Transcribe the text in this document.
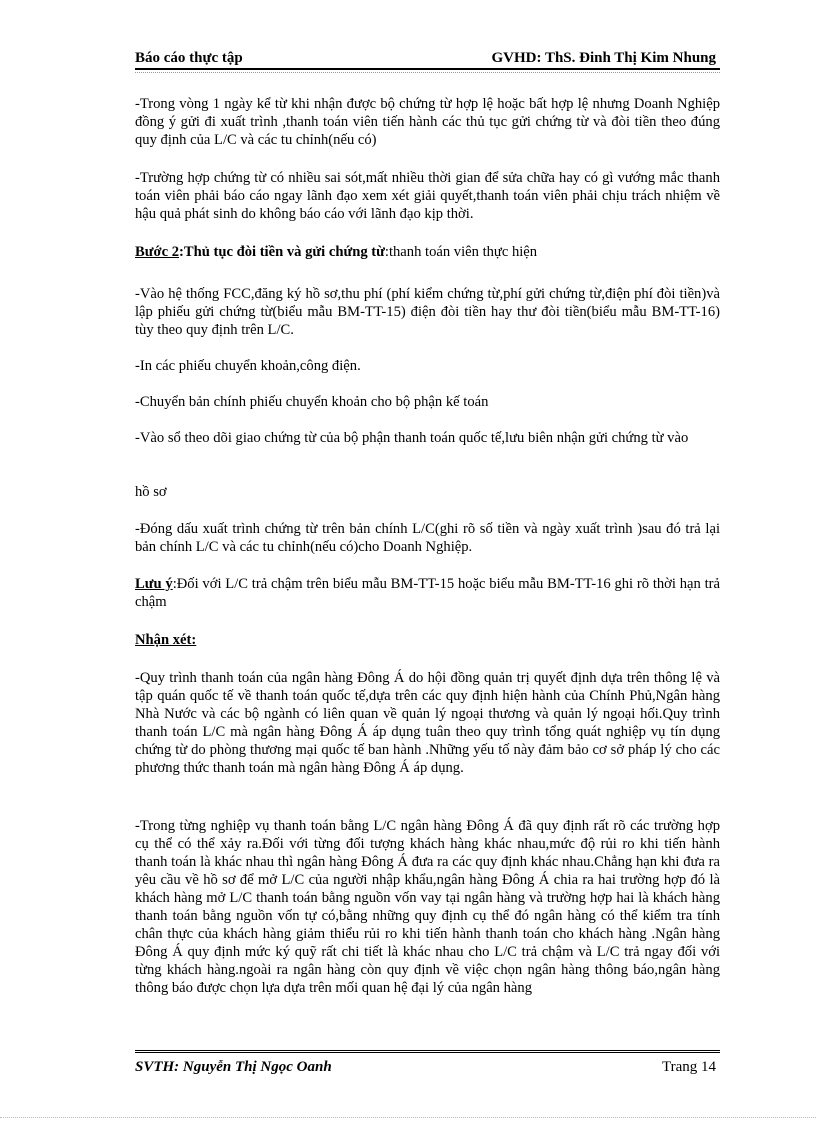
Báo cáo thực tập	GVHD: ThS. Đinh Thị Kim Nhung
-Trong vòng 1 ngày kể từ khi nhận được bộ chứng từ hợp lệ hoặc bất hợp lệ nhưng Doanh Nghiệp đồng ý gửi đi xuất trình ,thanh toán viên tiến hành các thủ tục gửi chứng từ và đòi tiền theo đúng quy định của L/C và các tu chỉnh(nếu có)
-Trường hợp chứng từ có nhiều sai sót,mất nhiều thời gian để sửa chữa hay có gì vướng mắc thanh toán viên phải báo cáo ngay lãnh đạo xem xét giải quyết,thanh toán viên phải chịu trách nhiệm về hậu quả phát sinh do không báo cáo với lãnh đạo kịp thời.
Bước 2:Thủ tục đòi tiền và gửi chứng từ:thanh toán viên thực hiện
-Vào hệ thống FCC,đăng ký hồ sơ,thu phí (phí kiểm chứng từ,phí gửi chứng từ,điện phí đòi tiền)và lập phiếu gửi chứng từ(biểu mẫu BM-TT-15) điện đòi tiền hay thư đòi tiền(biểu mẫu BM-TT-16) tùy theo quy định trên L/C.
-In các phiếu chuyển khoản,công điện.
-Chuyển bản chính phiếu chuyển khoản cho bộ phận kế toán
-Vào sổ theo dõi giao chứng từ của bộ phận thanh toán quốc tế,lưu biên nhận gửi chứng từ vào
hồ sơ
-Đóng dấu xuất trình chứng từ trên bản chính L/C(ghi rõ số tiền và ngày xuất trình )sau đó trả lại bản chính L/C và các tu chỉnh(nếu có)cho Doanh Nghiệp.
Lưu ý:Đối với L/C trả chậm trên biểu mẫu BM-TT-15 hoặc biểu mẫu BM-TT-16 ghi rõ thời hạn trả chậm
Nhận xét:
-Quy trình thanh toán của ngân hàng Đông Á do hội đồng quản trị quyết định dựa trên thông lệ và tập quán quốc tế về thanh toán quốc tế,dựa trên các quy định hiện hành của Chính Phủ,Ngân hàng Nhà Nước và các bộ ngành có liên quan về quản lý ngoại thương và quản lý ngoại hối.Quy trình thanh toán L/C mà ngân hàng Đông Á áp dụng tuân theo quy trình tổng quát nghiệp vụ tín dụng chứng từ do phòng thương mại quốc tế ban hành .Những yếu tố này đảm bảo cơ sở pháp lý cho các phương thức thanh toán mà ngân hàng Đông Á áp dụng.
-Trong từng nghiệp vụ thanh toán bằng L/C ngân hàng Đông Á đã quy định rất rõ các trường hợp cụ thể có thể xảy ra.Đối với từng đối tượng khách hàng khác nhau,mức độ rủi ro khi tiến hành thanh toán là khác nhau thì ngân hàng Đông Á đưa ra các quy định khác nhau.Chẳng hạn khi đưa ra yêu cầu về hồ sơ để mở L/C của người nhập khẩu,ngân hàng Đông Á chia ra hai trường hợp đó là khách hàng mở L/C thanh toán bằng nguồn vốn vay tại ngân hàng và trường hợp hai là khách hàng thanh toán bằng nguồn vốn tự có,bằng những quy định cụ thể đó ngân hàng có thể kiểm tra tính chân thực của khách hàng giảm thiểu rủi ro khi tiến hành thanh toán cho khách hàng .Ngân hàng Đông Á quy định mức ký quỹ rất chi tiết là khác nhau cho L/C trả chậm và L/C trả ngay đối với từng khách hàng.ngoài ra ngân hàng còn quy định về việc chọn ngân hàng thông báo,ngân hàng thông báo được chọn lựa dựa trên mối quan hệ đại lý của ngân hàng
SVTH: Nguyễn Thị Ngọc Oanh	Trang 14
